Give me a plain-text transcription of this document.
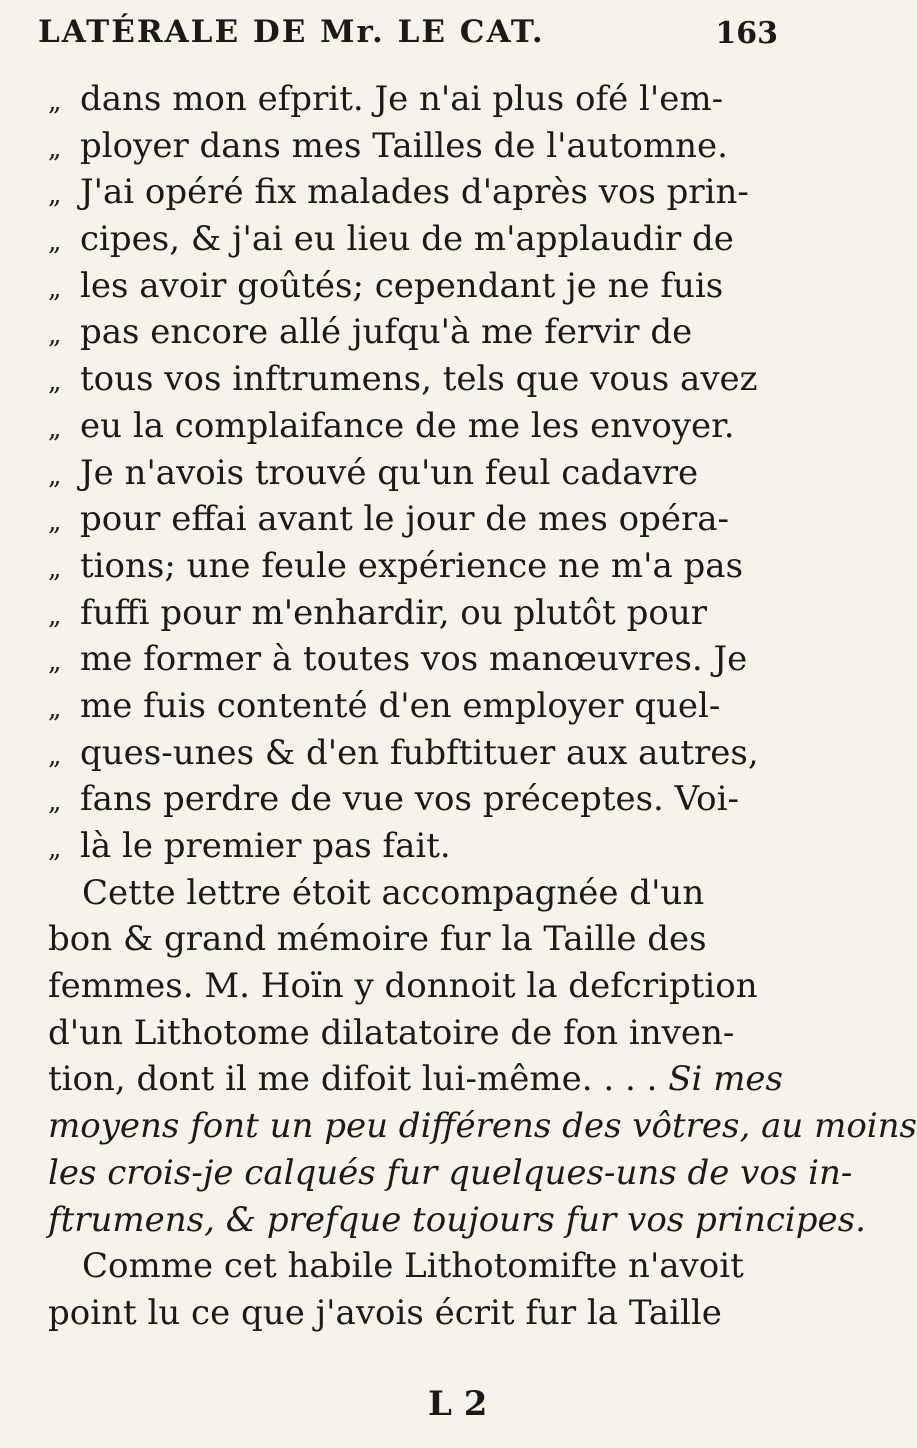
LATÉRALE DE Mr. LE CAT.	163
„ dans mon efprit. Je n'ai plus ofé l'em-
„ ployer dans mes Tailles de l'automne.
„ J'ai opéré fix malades d'après vos prin-
„ cipes, & j'ai eu lieu de m'applaudir de
„ les avoir goûtés; cependant je ne fuis
„ pas encore allé jufqu'à me fervir de
„ tous vos inftrumens, tels que vous avez
„ eu la complaifance de me les envoyer.
„ Je n'avois trouvé qu'un feul cadavre
„ pour effai avant le jour de mes opéra-
„ tions; une feule expérience ne m'a pas
„ fuffi pour m'enhardir, ou plutôt pour
„ me former à toutes vos manœuvres. Je
„ me fuis contenté d'en employer quel-
„ ques-unes & d'en fubftituer aux autres,
„ fans perdre de vue vos préceptes. Voi-
„ là le premier pas fait.
Cette lettre étoit accompagnée d'un
bon & grand mémoire fur la Taille des
femmes. M. Hoïn y donnoit la defcription
d'un Lithotome dilatatoire de fon inven-
tion, dont il me difoit lui-même. . . . Si mes
moyens font un peu différens des vôtres, au moins
les crois-je calqués fur quelques-uns de vos in-
ftrumens, & prefque toujours fur vos principes.
Comme cet habile Lithotomifte n'avoit
point lu ce que j'avois écrit fur la Taille
L 2
